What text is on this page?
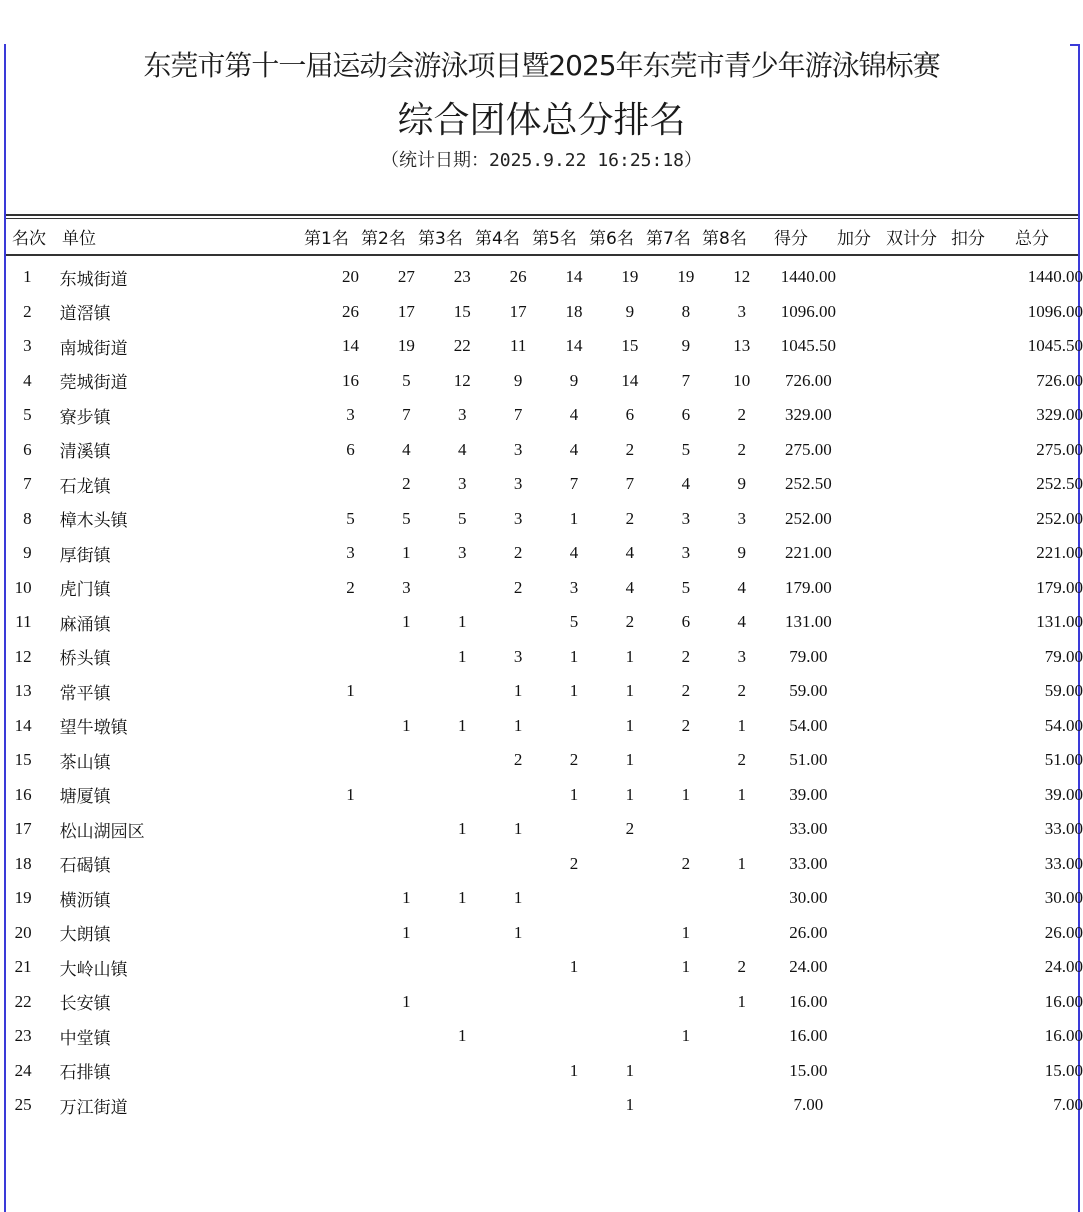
东莞市第十一届运动会游泳项目暨2025年东莞市青少年游泳锦标赛
综合团体总分排名
（统计日期：2025.9.22 16:25:18）
名次 单位	第1名 第2名 第3名 第4名 第5名 第6名 第7名 第8名 得分 加分 双计分 扣分 总分
1	东城街道	20	27	23	26	14	19	19	12	1440.00				1440.00
2	道滘镇	26	17	15	17	18	9	8	3	1096.00				1096.00
3	南城街道	14	19	22	11	14	15	9	13	1045.50				1045.50
4	莞城街道	16	5	12	9	9	14	7	10	726.00				726.00
5	寮步镇	3	7	3	7	4	6	6	2	329.00				329.00
6	清溪镇	6	4	4	3	4	2	5	2	275.00				275.00
7	石龙镇		2	3	3	7	7	4	9	252.50				252.50
8	樟木头镇	5	5	5	3	1	2	3	3	252.00				252.00
9	厚街镇	3	1	3	2	4	4	3	9	221.00				221.00
10	虎门镇	2	3		2	3	4	5	4	179.00				179.00
11	麻涌镇		1	1		5	2	6	4	131.00				131.00
12	桥头镇			1	3	1	1	2	3	79.00				79.00
13	常平镇	1			1	1	1	2	2	59.00				59.00
14	望牛墩镇		1	1	1		1	2	1	54.00				54.00
15	茶山镇				2	2	1		2	51.00				51.00
16	塘厦镇	1				1	1	1	1	39.00				39.00
17	松山湖园区			1	1		2			33.00				33.00
18	石碣镇					2		2	1	33.00				33.00
19	横沥镇		1	1	1					30.00				30.00
20	大朗镇		1		1			1		26.00				26.00
21	大岭山镇					1		1	2	24.00				24.00
22	长安镇		1						1	16.00				16.00
23	中堂镇			1				1		16.00				16.00
24	石排镇					1	1			15.00				15.00
25	万江街道						1			7.00				7.00
